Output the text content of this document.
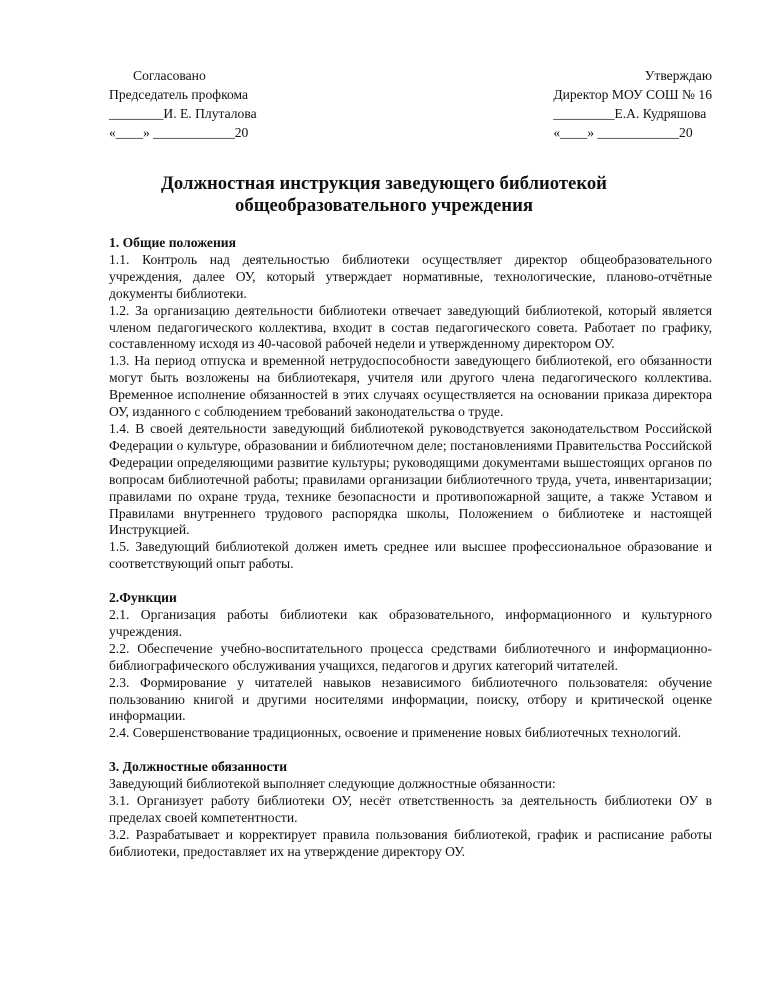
Согласовано
Председатель профкома
________И. Е. Плуталова
«____» ____________20
Утверждаю
Директор МОУ СОШ № 16
_________Е.А. Кудряшова
«____» ____________20
Должностная инструкция заведующего библиотекой
общеобразовательного учреждения
1. Общие положения

1.1. Контроль над деятельностью библиотеки осуществляет директор общеобразовательного учреждения, далее ОУ, который утверждает нормативные, технологические, планово-отчётные документы библиотеки.

1.2. За организацию деятельности библиотеки отвечает заведующий библиотекой, который является членом педагогического коллектива, входит в состав педагогического совета. Работает по графику, составленному исходя из 40-часовой рабочей недели и утвержденному директором ОУ.

1.3. На период отпуска и временной нетрудоспособности заведующего библиотекой, его обязанности могут быть возложены на библиотекаря, учителя или другого члена педагогического коллектива. Временное исполнение обязанностей в этих случаях осуществляется на основании приказа директора ОУ, изданного с соблюдением требований законодательства о труде.

1.4. В своей деятельности заведующий библиотекой руководствуется законодательством Российской Федерации о культуре, образовании и библиотечном деле; постановлениями Правительства Российской Федерации определяющими развитие культуры; руководящими документами вышестоящих органов по вопросам библиотечной работы; правилами организации библиотечного труда, учета, инвентаризации; правилами по охране труда, технике безопасности и противопожарной защите, а также Уставом и Правилами внутреннего трудового распорядка школы, Положением о библиотеке и настоящей Инструкцией.

1.5. Заведующий библиотекой должен иметь среднее или высшее профессиональное образование и соответствующий опыт работы.

2.Функции

2.1. Организация работы библиотеки как образовательного, информационного и культурного учреждения.

2.2. Обеспечение учебно-воспитательного процесса средствами библиотечного и информационно-библиографического обслуживания учащихся, педагогов и других категорий читателей.

2.3. Формирование у читателей навыков независимого библиотечного пользователя: обучение пользованию книгой и другими носителями информации, поиску, отбору и критической оценке информации.

2.4. Совершенствование традиционных, освоение и применение новых библиотечных технологий.

3. Должностные обязанности

Заведующий библиотекой выполняет следующие должностные обязанности:

3.1. Организует работу библиотеки ОУ, несёт ответственность за деятельность библиотеки ОУ в пределах своей компетентности.

3.2. Разрабатывает и корректирует правила пользования библиотекой, график и расписание работы библиотеки, предоставляет их на утверждение директору ОУ.
